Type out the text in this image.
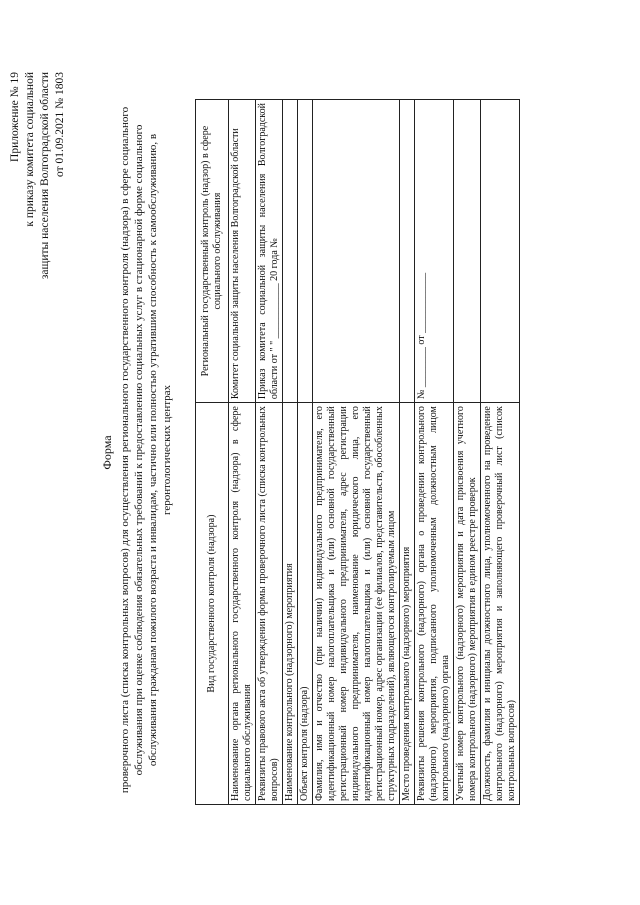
Приложение № 19 к приказу комитета социальной защиты населения Волгоградской области от 01.09.2021 № 1803
Форма проверочного листа (списка контрольных вопросов) для осуществления регионального государственного контроля (надзора) в сфере социального обслуживания при оценке соблюдения обязательных требований к предоставлению социальных услуг в стационарной форме социального обслуживания гражданам пожилого возраста и инвалидам, частично или полностью утратившим способность к самообслуживанию, в геронтологических центрах
Вид государственного контроля (надзора)	Региональный государственный контроль (надзор) в сфере социального обслуживания
Наименование органа регионального государственного контроля (надзора) в сфере социального обслуживания	Комитет социальной защиты населения Волгоградской области
Реквизиты правового акта об утверждении формы проверочного листа (списка контрольных вопросов)	Приказ комитета социальной защиты населения Волгоградской области от " " ___________ 20 года №
Наименование контрольного (надзорного) мероприятия	
Объект контроля (надзора)	
Фамилия, имя и отчество (при наличии) индивидуального предпринимателя, его идентификационный номер налогоплательщика и (или) основной государственный регистрационный номер индивидуального предпринимателя, адрес регистрации индивидуального предпринимателя, наименование юридического лица, его идентификационный номер налогоплательщика и (или) основной государственный регистрационный номер, адрес организации (ее филиалов, представительств, обособленных структурных подразделений), являющегося контролируемым лицом	
Место проведения контрольного (надзорного) мероприятия	
Реквизиты решения контрольного (надзорного) органа о проведении контрольного (надзорного) мероприятия, подписанного уполномоченным должностным лицом контрольного (надзорного) органа	№ ________ от ____________
Учетный номер контрольного (надзорного) мероприятия и дата присвоения учетного номера контрольного (надзорного) мероприятия в едином реестре проверок	
Должность, фамилия и инициалы должностного лица, уполномоченного на проведение контрольного (надзорного) мероприятия и заполняющего проверочный лист (список контрольных вопросов)	
